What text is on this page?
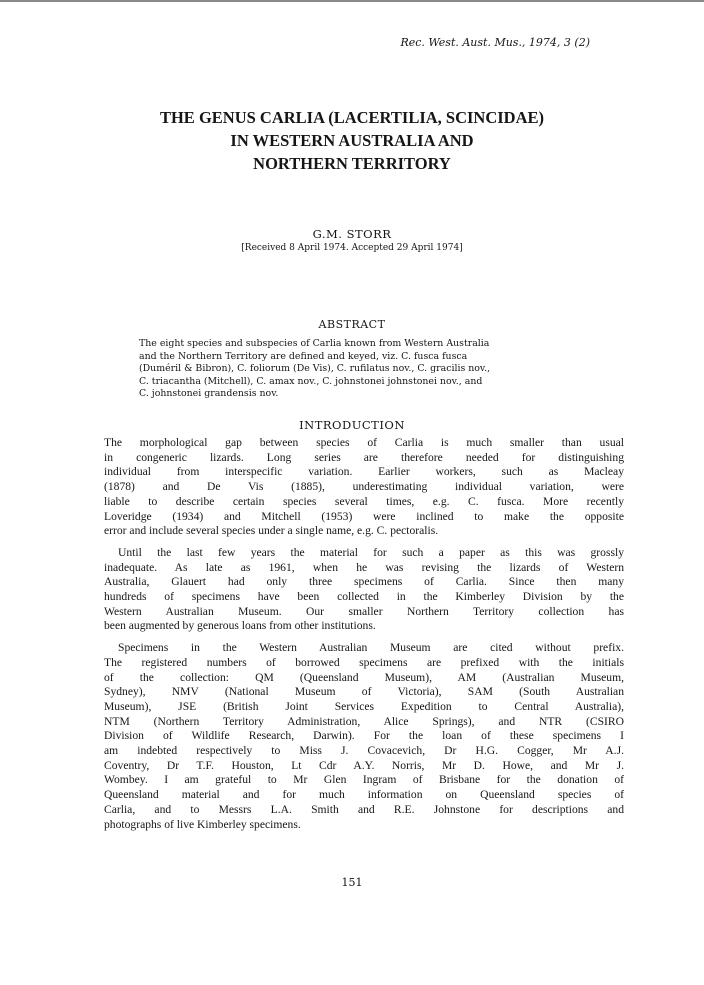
Rec. West. Aust. Mus., 1974, 3 (2)
THE GENUS CARLIA (LACERTILIA, SCINCIDAE)
IN WESTERN AUSTRALIA AND
NORTHERN TERRITORY
G.M. STORR
[Received 8 April 1974. Accepted 29 April 1974]
ABSTRACT
The eight species and subspecies of Carlia known from Western Australia
and the Northern Territory are defined and keyed, viz. C. fusca fusca
(Duméril & Bibron), C. foliorum (De Vis), C. rufilatus nov., C. gracilis nov.,
C. triacantha (Mitchell), C. amax nov., C. johnstonei johnstonei nov., and
C. johnstonei grandensis nov.
INTRODUCTION
The morphological gap between species of Carlia is much smaller than usual
in congeneric lizards. Long series are therefore needed for distinguishing
individual from interspecific variation. Earlier workers, such as Macleay
(1878) and De Vis (1885), underestimating individual variation, were
liable to describe certain species several times, e.g. C. fusca. More recently
Loveridge (1934) and Mitchell (1953) were inclined to make the opposite
error and include several species under a single name, e.g. C. pectoralis.
Until the last few years the material for such a paper as this was grossly
inadequate. As late as 1961, when he was revising the lizards of Western
Australia, Glauert had only three specimens of Carlia. Since then many
hundreds of specimens have been collected in the Kimberley Division by the
Western Australian Museum. Our smaller Northern Territory collection has
been augmented by generous loans from other institutions.
Specimens in the Western Australian Museum are cited without prefix.
The registered numbers of borrowed specimens are prefixed with the initials
of the collection: QM (Queensland Museum), AM (Australian Museum,
Sydney), NMV (National Museum of Victoria), SAM (South Australian
Museum), JSE (British Joint Services Expedition to Central Australia),
NTM (Northern Territory Administration, Alice Springs), and NTR (CSIRO
Division of Wildlife Research, Darwin). For the loan of these specimens I
am indebted respectively to Miss J. Covacevich, Dr H.G. Cogger, Mr A.J.
Coventry, Dr T.F. Houston, Lt Cdr A.Y. Norris, Mr D. Howe, and Mr J.
Wombey. I am grateful to Mr Glen Ingram of Brisbane for the donation of
Queensland material and for much information on Queensland species of
Carlia, and to Messrs L.A. Smith and R.E. Johnstone for descriptions and
photographs of live Kimberley specimens.
151
